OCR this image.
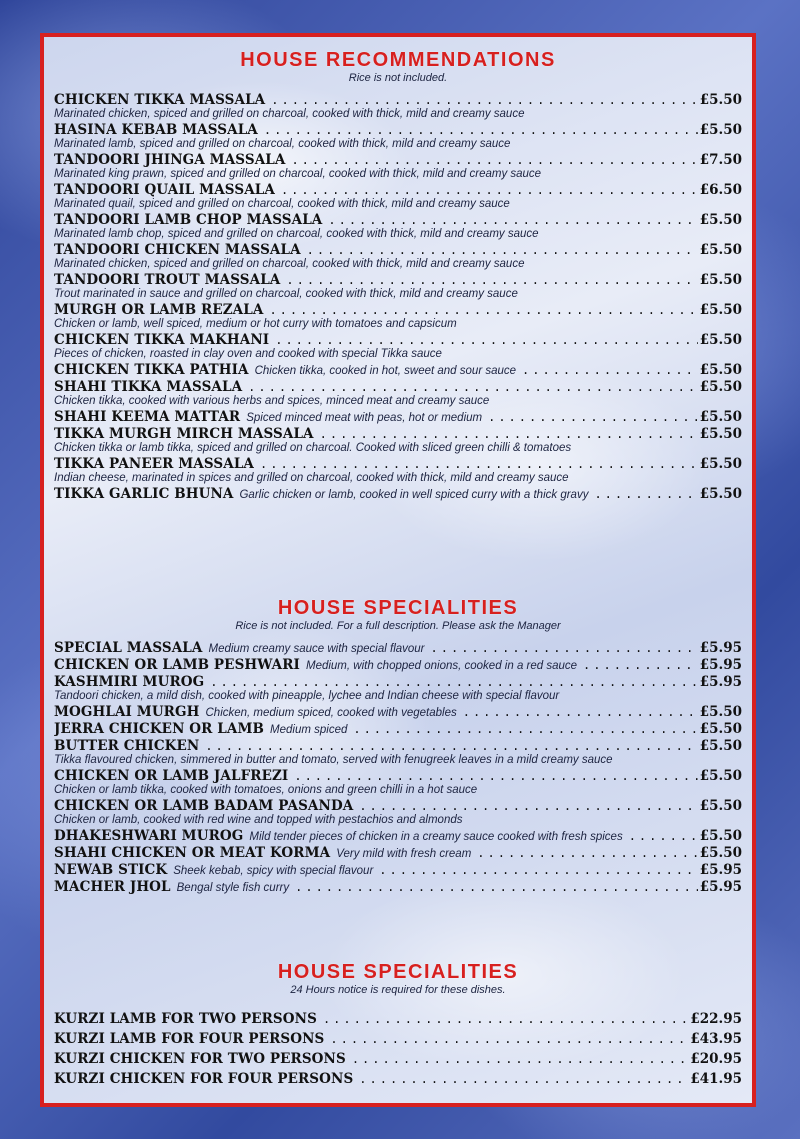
HOUSE RECOMMENDATIONS

Rice is not included.

CHICKEN TIKKA MASSALA .....	£5.50
Marinated chicken, spiced and grilled on charcoal, cooked with thick, mild and creamy sauce
HASINA KEBAB MASSALA .....	£5.50
Marinated lamb, spiced and grilled on charcoal, cooked with thick, mild and creamy sauce
TANDOORI JHINGA MASSALA .....	£7.50
Marinated king prawn, spiced and grilled on charcoal, cooked with thick, mild and creamy sauce
TANDOORI QUAIL MASSALA .....	£6.50
Marinated quail, spiced and grilled on charcoal, cooked with thick, mild and creamy sauce
TANDOORI LAMB CHOP MASSALA .....	£5.50
Marinated lamb chop, spiced and grilled on charcoal, cooked with thick, mild and creamy sauce
TANDOORI CHICKEN MASSALA .....	£5.50
Marinated chicken, spiced and grilled on charcoal, cooked with thick, mild and creamy sauce
TANDOORI TROUT MASSALA .....	£5.50
Trout marinated in sauce and grilled on charcoal, cooked with thick, mild and creamy sauce
MURGH OR LAMB REZALA .....	£5.50
Chicken or lamb, well spiced, medium or hot curry with tomatoes and capsicum
CHICKEN TIKKA MAKHANI .....	£5.50
Pieces of chicken, roasted in clay oven and cooked with special Tikka sauce
CHICKEN TIKKA PATHIA Chicken tikka, cooked in hot, sweet and sour sauce .....	£5.50
SHAHI TIKKA MASSALA .....	£5.50
Chicken tikka, cooked with various herbs and spices, minced meat and creamy sauce
SHAHI KEEMA MATTAR Spiced minced meat with peas, hot or medium .....	£5.50
TIKKA MURGH MIRCH MASSALA .....	£5.50
Chicken tikka or lamb tikka, spiced and grilled on charcoal. Cooked with sliced green chilli & tomatoes
TIKKA PANEER MASSALA .....	£5.50
Indian cheese, marinated in spices and grilled on charcoal, cooked with thick, mild and creamy sauce
TIKKA GARLIC BHUNA Garlic chicken or lamb, cooked in well spiced curry with a thick gravy .....	£5.50
HOUSE SPECIALITIES

Rice is not included. For a full description. Please ask the Manager

SPECIAL MASSALA Medium creamy sauce with special flavour .....	£5.95
CHICKEN OR LAMB PESHWARI Medium, with chopped onions, cooked in a red sauce .....	£5.95
KASHMIRI MUROG .....	£5.95
Tandoori chicken, a mild dish, cooked with pineapple, lychee and Indian cheese with special flavour
MOGHLAI MURGH Chicken, medium spiced, cooked with vegetables .....	£5.50
JERRA CHICKEN OR LAMB Medium spiced .....	£5.50
BUTTER CHICKEN .....	£5.50
Tikka flavoured chicken, simmered in butter and tomato, served with fenugreek leaves in a mild creamy sauce
CHICKEN OR LAMB JALFREZI .....	£5.50
Chicken or lamb tikka, cooked with tomatoes, onions and green chilli in a hot sauce
CHICKEN OR LAMB BADAM PASANDA .....	£5.50
Chicken or lamb, cooked with red wine and topped with pestachios and almonds
DHAKESHWARI MUROG Mild tender pieces of chicken in a creamy sauce cooked with fresh spices .....	£5.50
SHAHI CHICKEN OR MEAT KORMA Very mild with fresh cream .....	£5.50
NEWAB STICK Sheek kebab, spicy with special flavour .....	£5.95
MACHER JHOL Bengal style fish curry .....	£5.95
HOUSE SPECIALITIES

24 Hours notice is required for these dishes.

KURZI LAMB FOR TWO PERSONS .....	£22.95
KURZI LAMB FOR FOUR PERSONS .....	£43.95
KURZI CHICKEN FOR TWO PERSONS .....	£20.95
KURZI CHICKEN FOR FOUR PERSONS .....	£41.95
